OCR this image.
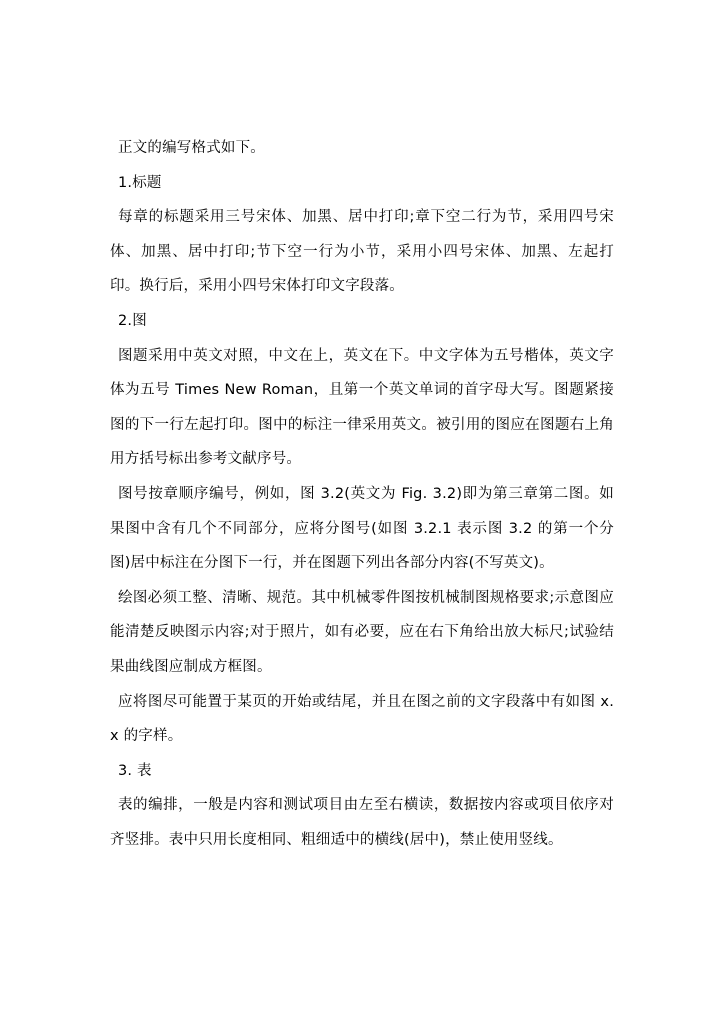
正文的编写格式如下。

1.标题

每章的标题采用三号宋体、加黑、居中打印;章下空二行为节，采用四号宋体、加黑、居中打印;节下空一行为小节，采用小四号宋体、加黑、左起打印。换行后，采用小四号宋体打印文字段落。

2.图

图题采用中英文对照，中文在上，英文在下。中文字体为五号楷体，英文字体为五号 Times New Roman，且第一个英文单词的首字母大写。图题紧接图的下一行左起打印。图中的标注一律采用英文。被引用的图应在图题右上角用方括号标出参考文献序号。

图号按章顺序编号，例如，图 3.2(英文为 Fig. 3.2)即为第三章第二图。如果图中含有几个不同部分，应将分图号(如图 3.2.1 表示图 3.2 的第一个分图)居中标注在分图下一行，并在图题下列出各部分内容(不写英文)。

绘图必须工整、清晰、规范。其中机械零件图按机械制图规格要求;示意图应能清楚反映图示内容;对于照片，如有必要，应在右下角给出放大标尺;试验结果曲线图应制成方框图。

应将图尽可能置于某页的开始或结尾，并且在图之前的文字段落中有如图 x.x 的字样。

3. 表

表的编排，一般是内容和测试项目由左至右横读，数据按内容或项目依序对齐竖排。表中只用长度相同、粗细适中的横线(居中)，禁止使用竖线。
